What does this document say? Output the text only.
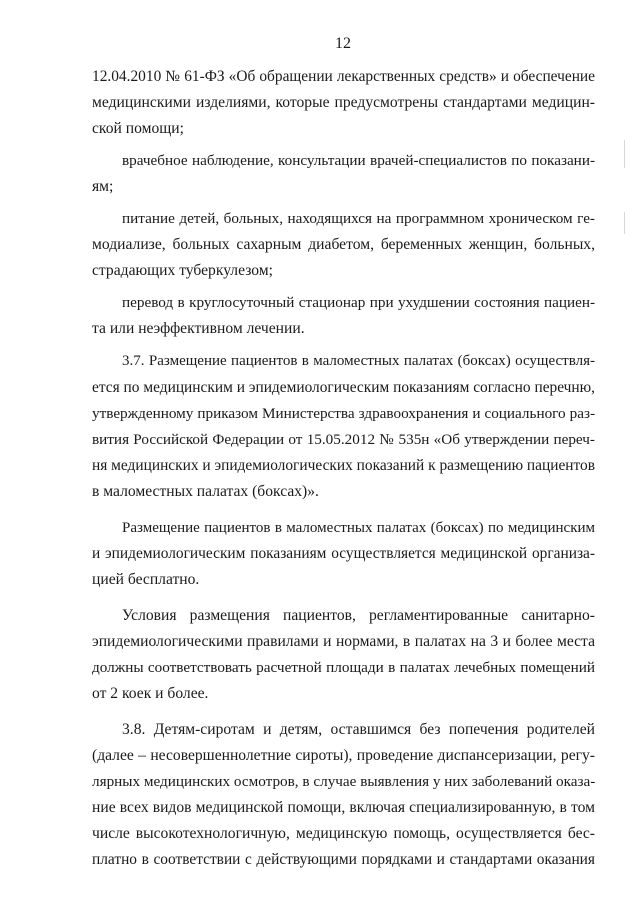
12
12.04.2010 № 61-ФЗ «Об обращении лекарственных средств» и обеспечение
медицинскими изделиями, которые предусмотрены стандартами медицин-
ской помощи;
врачебное наблюдение, консультации врачей-специалистов по показани-
ям;
питание детей, больных, находящихся на программном хроническом ге-
модиализе, больных сахарным диабетом, беременных женщин, больных,
страдающих туберкулезом;
перевод в круглосуточный стационар при ухудшении состояния пациен-
та или неэффективном лечении.
3.7. Размещение пациентов в маломестных палатах (боксах) осуществля-
ется по медицинским и эпидемиологическим показаниям согласно перечню,
утвержденному приказом Министерства здравоохранения и социального раз-
вития Российской Федерации от 15.05.2012 № 535н «Об утверждении переч-
ня медицинских и эпидемиологических показаний к размещению пациентов
в маломестных палатах (боксах)».
Размещение пациентов в маломестных палатах (боксах) по медицинским
и эпидемиологическим показаниям осуществляется медицинской организа-
цией бесплатно.
Условия размещения пациентов, регламентированные санитарно-
эпидемиологическими правилами и нормами, в палатах на 3 и более места
должны соответствовать расчетной площади в палатах лечебных помещений
от 2 коек и более.
3.8. Детям-сиротам и детям, оставшимся без попечения родителей
(далее – несовершеннолетние сироты), проведение диспансеризации, регу-
лярных медицинских осмотров, в случае выявления у них заболеваний оказа-
ние всех видов медицинской помощи, включая специализированную, в том
числе высокотехнологичную, медицинскую помощь, осуществляется бес-
платно в соответствии с действующими порядками и стандартами оказания
